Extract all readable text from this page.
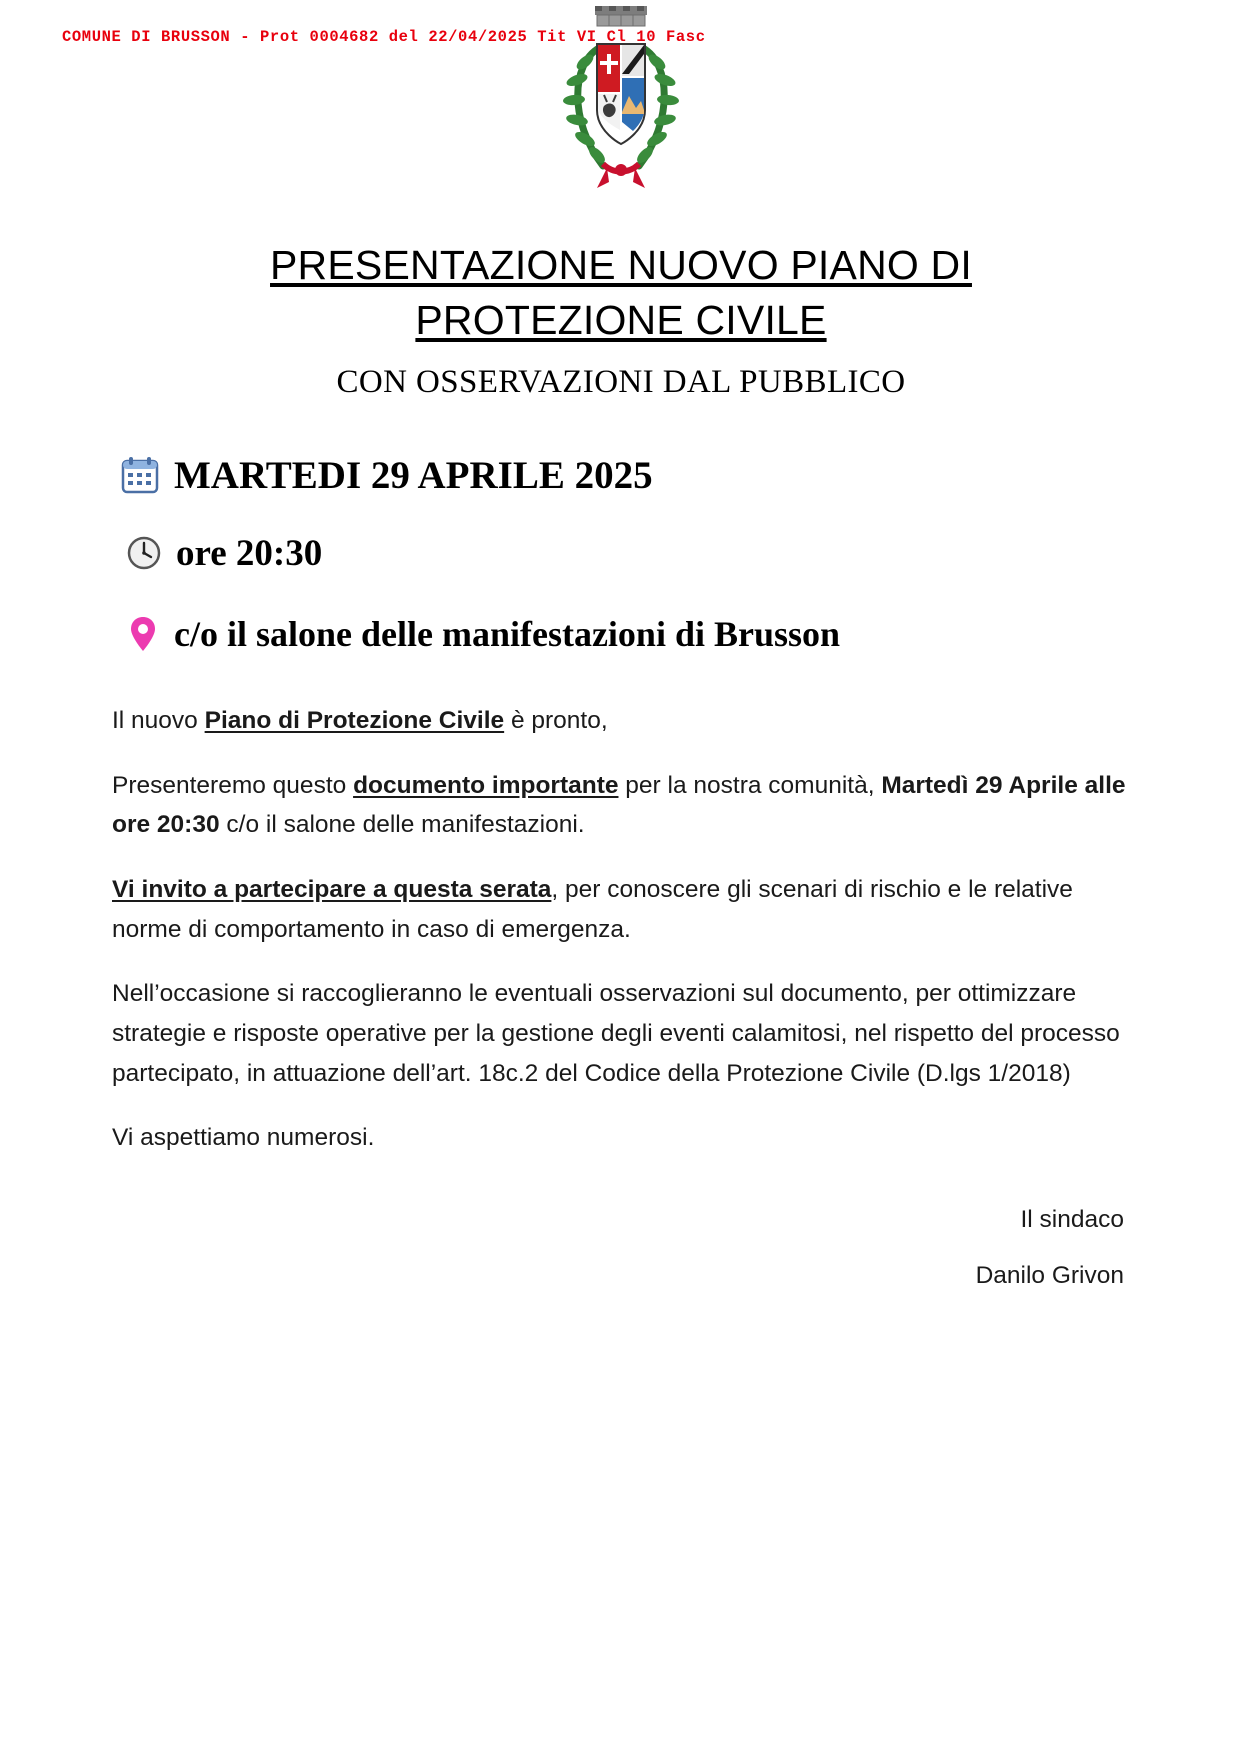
COMUNE DI BRUSSON - Prot 0004682 del 22/04/2025 Tit VI Cl 10 Fasc
PRESENTAZIONE NUOVO PIANO DI
PROTEZIONE CIVILE
CON OSSERVAZIONI DAL PUBBLICO
MARTEDI 29 APRILE 2025
ore 20:30
c/o il salone delle manifestazioni di Brusson

Il nuovo Piano di Protezione Civile è pronto,

Presenteremo questo documento importante per la nostra comunità, Martedì 29 Aprile alle ore 20:30 c/o il salone delle manifestazioni.

Vi invito a partecipare a questa serata, per conoscere gli scenari di rischio e le relative norme di comportamento in caso di emergenza.

Nell’occasione si raccoglieranno le eventuali osservazioni sul documento, per ottimizzare strategie e risposte operative per la gestione degli eventi calamitosi, nel rispetto del processo partecipato, in attuazione dell’art. 18c.2 del Codice della Protezione Civile (D.lgs 1/2018)

Vi aspettiamo numerosi.

Il sindaco
Danilo Grivon
